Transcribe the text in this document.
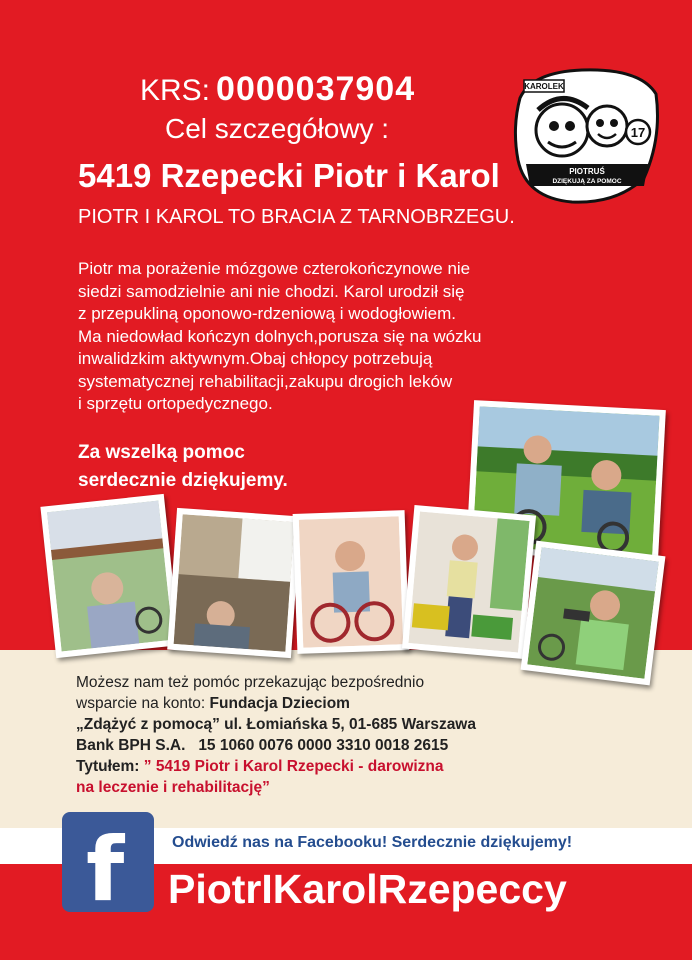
KRS: 0000037904
Cel szczegółowy :
5419 Rzepecki Piotr i Karol
PIOTR I KAROL TO BRACIA Z TARNOBRZEGU.
KAROLEK
17
PIOTRUŚ
DZIĘKUJĄ ZA POMOC

Piotr ma porażenie mózgowe czterokończynowe nie
siedzi samodzielnie ani nie chodzi. Karol urodził się
z przepukliną oponowo-rdzeniową i wodogłowiem.
Ma niedowład kończyn dolnych,porusza się na wózku
inwalidzkim aktywnym.Obaj chłopcy potrzebują
systematycznej rehabilitacji,zakupu drogich leków
i sprzętu ortopedycznego.

Za wszelką pomoc
serdecznie dziękujemy.
Możesz nam też pomóc przekazując bezpośrednio
wsparcie na konto: Fundacja Dzieciom
„Zdążyć z pomocą” ul. Łomiańska 5, 01-685 Warszawa
Bank BPH S.A. 15 1060 0076 0000 3310 0018 2615
Tytułem: ” 5419 Piotr i Karol Rzepecki - darowizna
na leczenie i rehabilitację”
f	Odwiedź nas na Facebooku! Serdecznie dziękujemy!
PiotrIKarolRzepeccy
